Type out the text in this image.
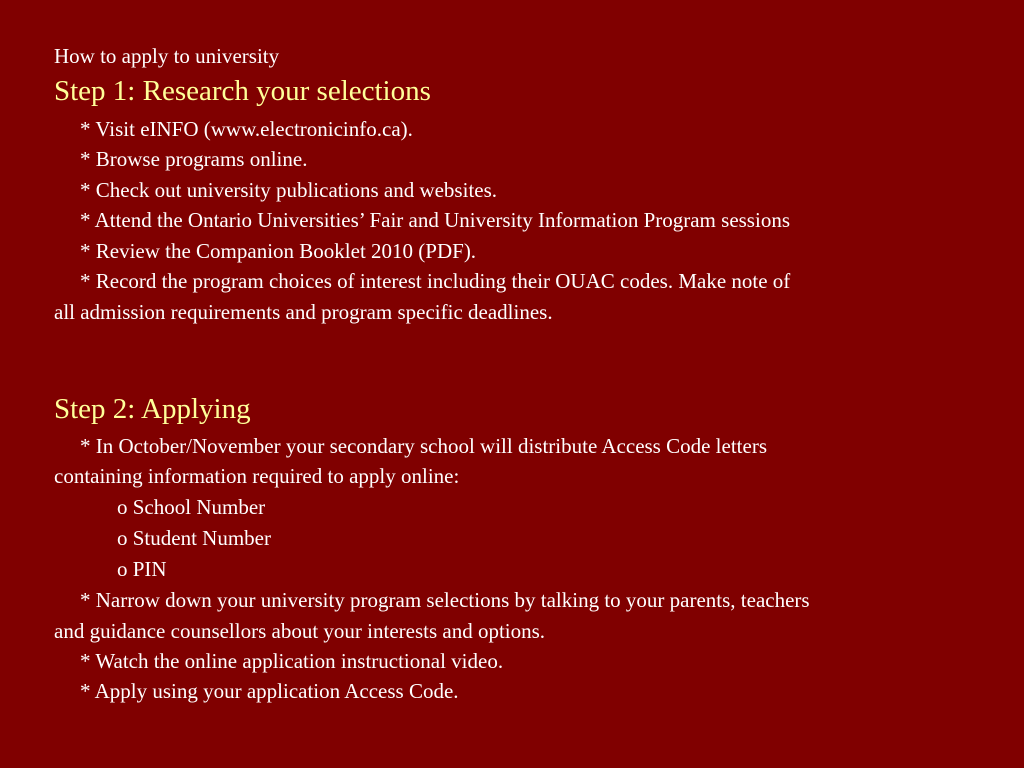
How to apply to university
Step 1: Research your selections
* Visit eINFO (www.electronicinfo.ca).
* Browse programs online.
* Check out university publications and websites.
* Attend the Ontario Universities’ Fair and University Information Program sessions
* Review the Companion Booklet 2010 (PDF).
* Record the program choices of interest including their OUAC codes. Make note of
all admission requirements and program specific deadlines.
Step 2: Applying
* In October/November your secondary school will distribute Access Code letters
containing information required to apply online:
o School Number
o Student Number
o PIN
* Narrow down your university program selections by talking to your parents, teachers
and guidance counsellors about your interests and options.
* Watch the online application instructional video.
* Apply using your application Access Code.
